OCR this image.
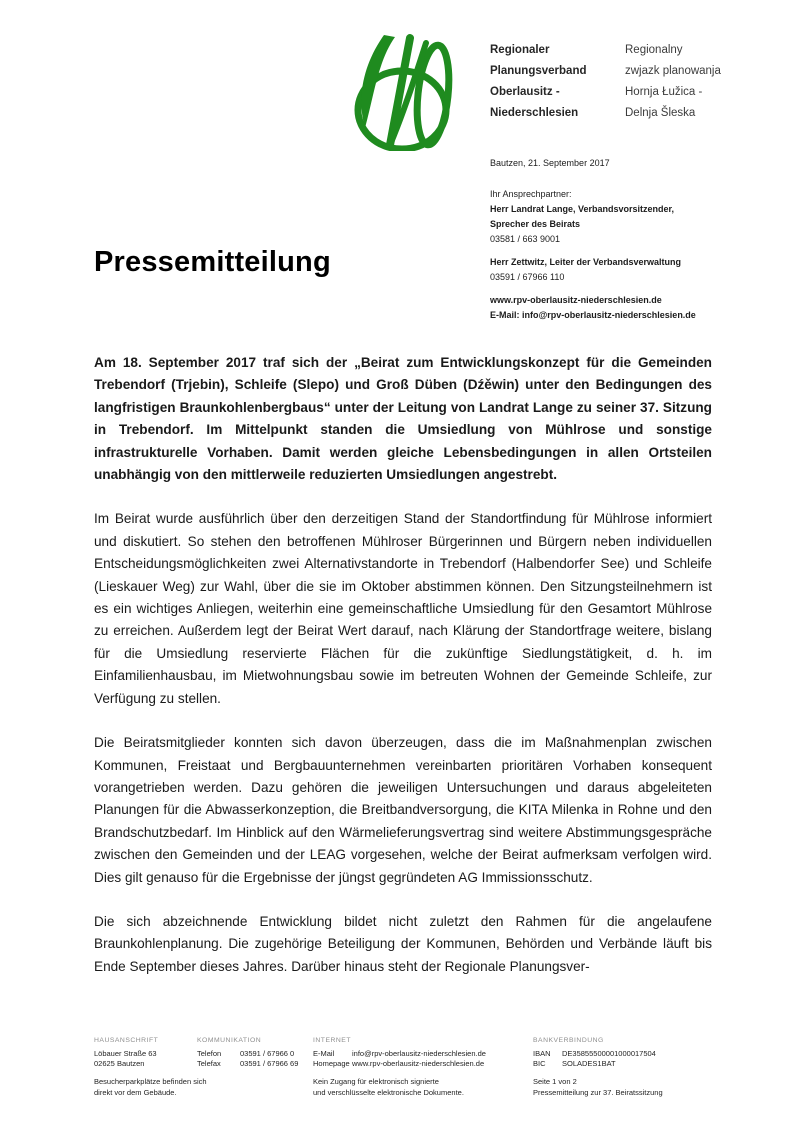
Regionaler
Planungsverband
Oberlausitz -
Niederschlesien
Regionalny
zwjazk planowanja
Hornja Łužica -
Delnja Šleska
Bautzen, 21. September 2017
Ihr Ansprechpartner:
Herr Landrat Lange, Verbandsvorsitzender,
Sprecher des Beirats
03581 / 663 9001
Herr Zettwitz, Leiter der Verbandsverwaltung
03591 / 67966 110
www.rpv-oberlausitz-niederschlesien.de
E-Mail: info@rpv-oberlausitz-niederschlesien.de
Pressemitteilung

Am 18. September 2017 traf sich der „Beirat zum Entwicklungskonzept für die Gemeinden Trebendorf (Trjebin), Schleife (Slepo) und Groß Düben (Dźěwin) unter den Bedingungen des langfristigen Braunkohlenbergbaus“ unter der Leitung von Landrat Lange zu seiner 37. Sitzung in Trebendorf. Im Mittelpunkt standen die Umsiedlung von Mühlrose und sonstige infrastrukturelle Vorhaben. Damit werden gleiche Lebensbedingungen in allen Ortsteilen unabhängig von den mittlerweile reduzierten Umsiedlungen angestrebt.

Im Beirat wurde ausführlich über den derzeitigen Stand der Standortfindung für Mühlrose informiert und diskutiert. So stehen den betroffenen Mühlroser Bürgerinnen und Bürgern neben individuellen Entscheidungsmöglichkeiten zwei Alternativstandorte in Trebendorf (Halbendorfer See) und Schleife (Lieskauer Weg) zur Wahl, über die sie im Oktober abstimmen können. Den Sitzungsteilnehmern ist es ein wichtiges Anliegen, weiterhin eine gemeinschaftliche Umsiedlung für den Gesamtort Mühlrose zu erreichen. Außerdem legt der Beirat Wert darauf, nach Klärung der Standortfrage weitere, bislang für die Umsiedlung reservierte Flächen für die zukünftige Siedlungstätigkeit, d. h. im Einfamilienhausbau, im Mietwohnungsbau sowie im betreuten Wohnen der Gemeinde Schleife, zur Verfügung zu stellen.

Die Beiratsmitglieder konnten sich davon überzeugen, dass die im Maßnahmenplan zwischen Kommunen, Freistaat und Bergbauunternehmen vereinbarten prioritären Vorhaben konsequent vorangetrieben werden. Dazu gehören die jeweiligen Untersuchungen und daraus abgeleiteten Planungen für die Abwasserkonzeption, die Breitbandversorgung, die KITA Milenka in Rohne und den Brandschutzbedarf. Im Hinblick auf den Wärmelieferungsvertrag sind weitere Abstimmungsgespräche zwischen den Gemeinden und der LEAG vorgesehen, welche der Beirat aufmerksam verfolgen wird. Dies gilt genauso für die Ergebnisse der jüngst gegründeten AG Immissionsschutz.

Die sich abzeichnende Entwicklung bildet nicht zuletzt den Rahmen für die angelaufene Braunkohlenplanung. Die zugehörige Beteiligung der Kommunen, Behörden und Verbände läuft bis Ende September dieses Jahres. Darüber hinaus steht der Regionale Planungsver-

HAUSANSCHRIFT
Löbauer Straße 63
02625 Bautzen
KOMMUNIKATION
Telefon	03591 / 67966 0
Telefax	03591 / 67966 69
INTERNET
E-Mail info@rpv-oberlausitz-niederschlesien.de
Homepage www.rpv-oberlausitz-niederschlesien.de
BANKVERBINDUNG
IBAN DE35855500001000017504
BIC SOLADES1BAT
Besucherparkplätze befinden sich
direkt vor dem Gebäude.
Kein Zugang für elektronisch signierte
und verschlüsselte elektronische Dokumente.
Seite 1 von 2
Pressemitteilung zur 37. Beiratssitzung
